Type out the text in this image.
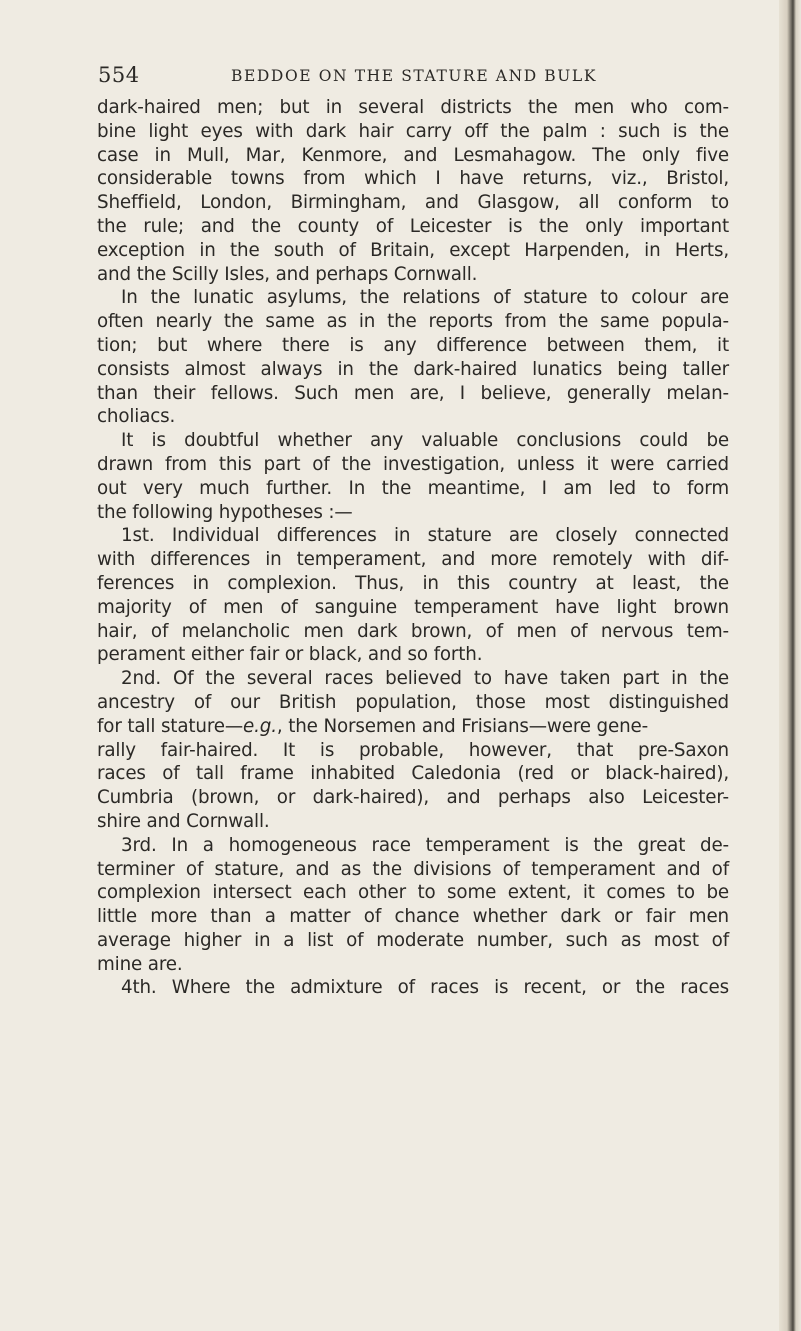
554	BEDDOE ON THE STATURE AND BULK
dark-haired men; but in several districts the men who com-
bine light eyes with dark hair carry off the palm : such is the
case in Mull, Mar, Kenmore, and Lesmahagow. The only five
considerable towns from which I have returns, viz., Bristol,
Sheffield, London, Birmingham, and Glasgow, all conform to
the rule; and the county of Leicester is the only important
exception in the south of Britain, except Harpenden, in Herts,
and the Scilly Isles, and perhaps Cornwall.
In the lunatic asylums, the relations of stature to colour are
often nearly the same as in the reports from the same popula-
tion; but where there is any difference between them, it
consists almost always in the dark-haired lunatics being taller
than their fellows. Such men are, I believe, generally melan-
choliacs.
It is doubtful whether any valuable conclusions could be
drawn from this part of the investigation, unless it were carried
out very much further. In the meantime, I am led to form
the following hypotheses :—
1st. Individual differences in stature are closely connected
with differences in temperament, and more remotely with dif-
ferences in complexion. Thus, in this country at least, the
majority of men of sanguine temperament have light brown
hair, of melancholic men dark brown, of men of nervous tem-
perament either fair or black, and so forth.
2nd. Of the several races believed to have taken part in the
ancestry of our British population, those most distinguished
for tall stature—e.g., the Norsemen and Frisians—were gene-
rally fair-haired. It is probable, however, that pre-Saxon
races of tall frame inhabited Caledonia (red or black-haired),
Cumbria (brown, or dark-haired), and perhaps also Leicester-
shire and Cornwall.
3rd. In a homogeneous race temperament is the great de-
terminer of stature, and as the divisions of temperament and of
complexion intersect each other to some extent, it comes to be
little more than a matter of chance whether dark or fair men
average higher in a list of moderate number, such as most of
mine are.
4th. Where the admixture of races is recent, or the races
